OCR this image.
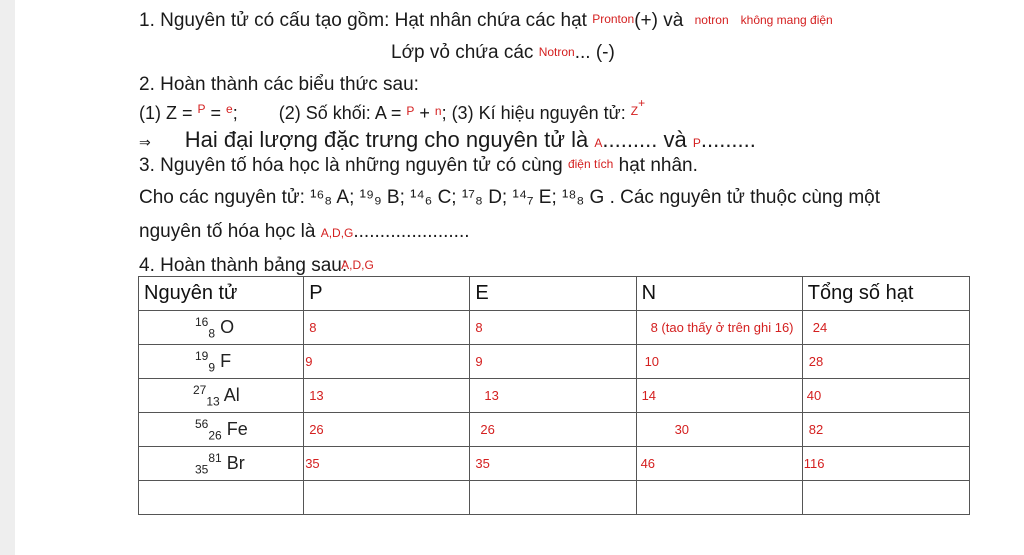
1. Nguyên tử có cấu tạo gồm: Hạt nhân chứa các hạt Pronton(+) và notron không mang điện
Lớp vỏ chứa các Notron... (-)
2. Hoàn thành các biểu thức sau:
(1) Z = $^P$ = $^e$; (2) Số khối: A = $^P$ + $^n$; (3) Kí hiệu nguyên tử: $^{Z+}$
⇒ Hai đại lượng đặc trưng cho nguyên tử là A......... và P.........
3. Nguyên tố hóa học là những nguyên tử có cùng điện tích hạt nhân.
Cho các nguyên tử: ¹⁶₈ A; ¹⁹₉ B; ¹⁴₆ C; ¹⁷₈ D; ¹⁴₇ E; ¹⁸₈ G . Các nguyên tử thuộc cùng một
nguyên tố hóa học là A,D,G......................
4. Hoàn thành bảng sau:A,D,G
Nguyên tử	P	E	N	Tổng số hạt
$^{16}_8$ O	8	8	8 (tao thấy ở trên ghi 16)	24
$^{19}_9$ F	9	9	10	28
$^{27}_{13}$ Al	13	13	14	40
$^{56}_{26}$ Fe	26	26	30	82
$_{35}^{81}$ Br	35	35	46	116
